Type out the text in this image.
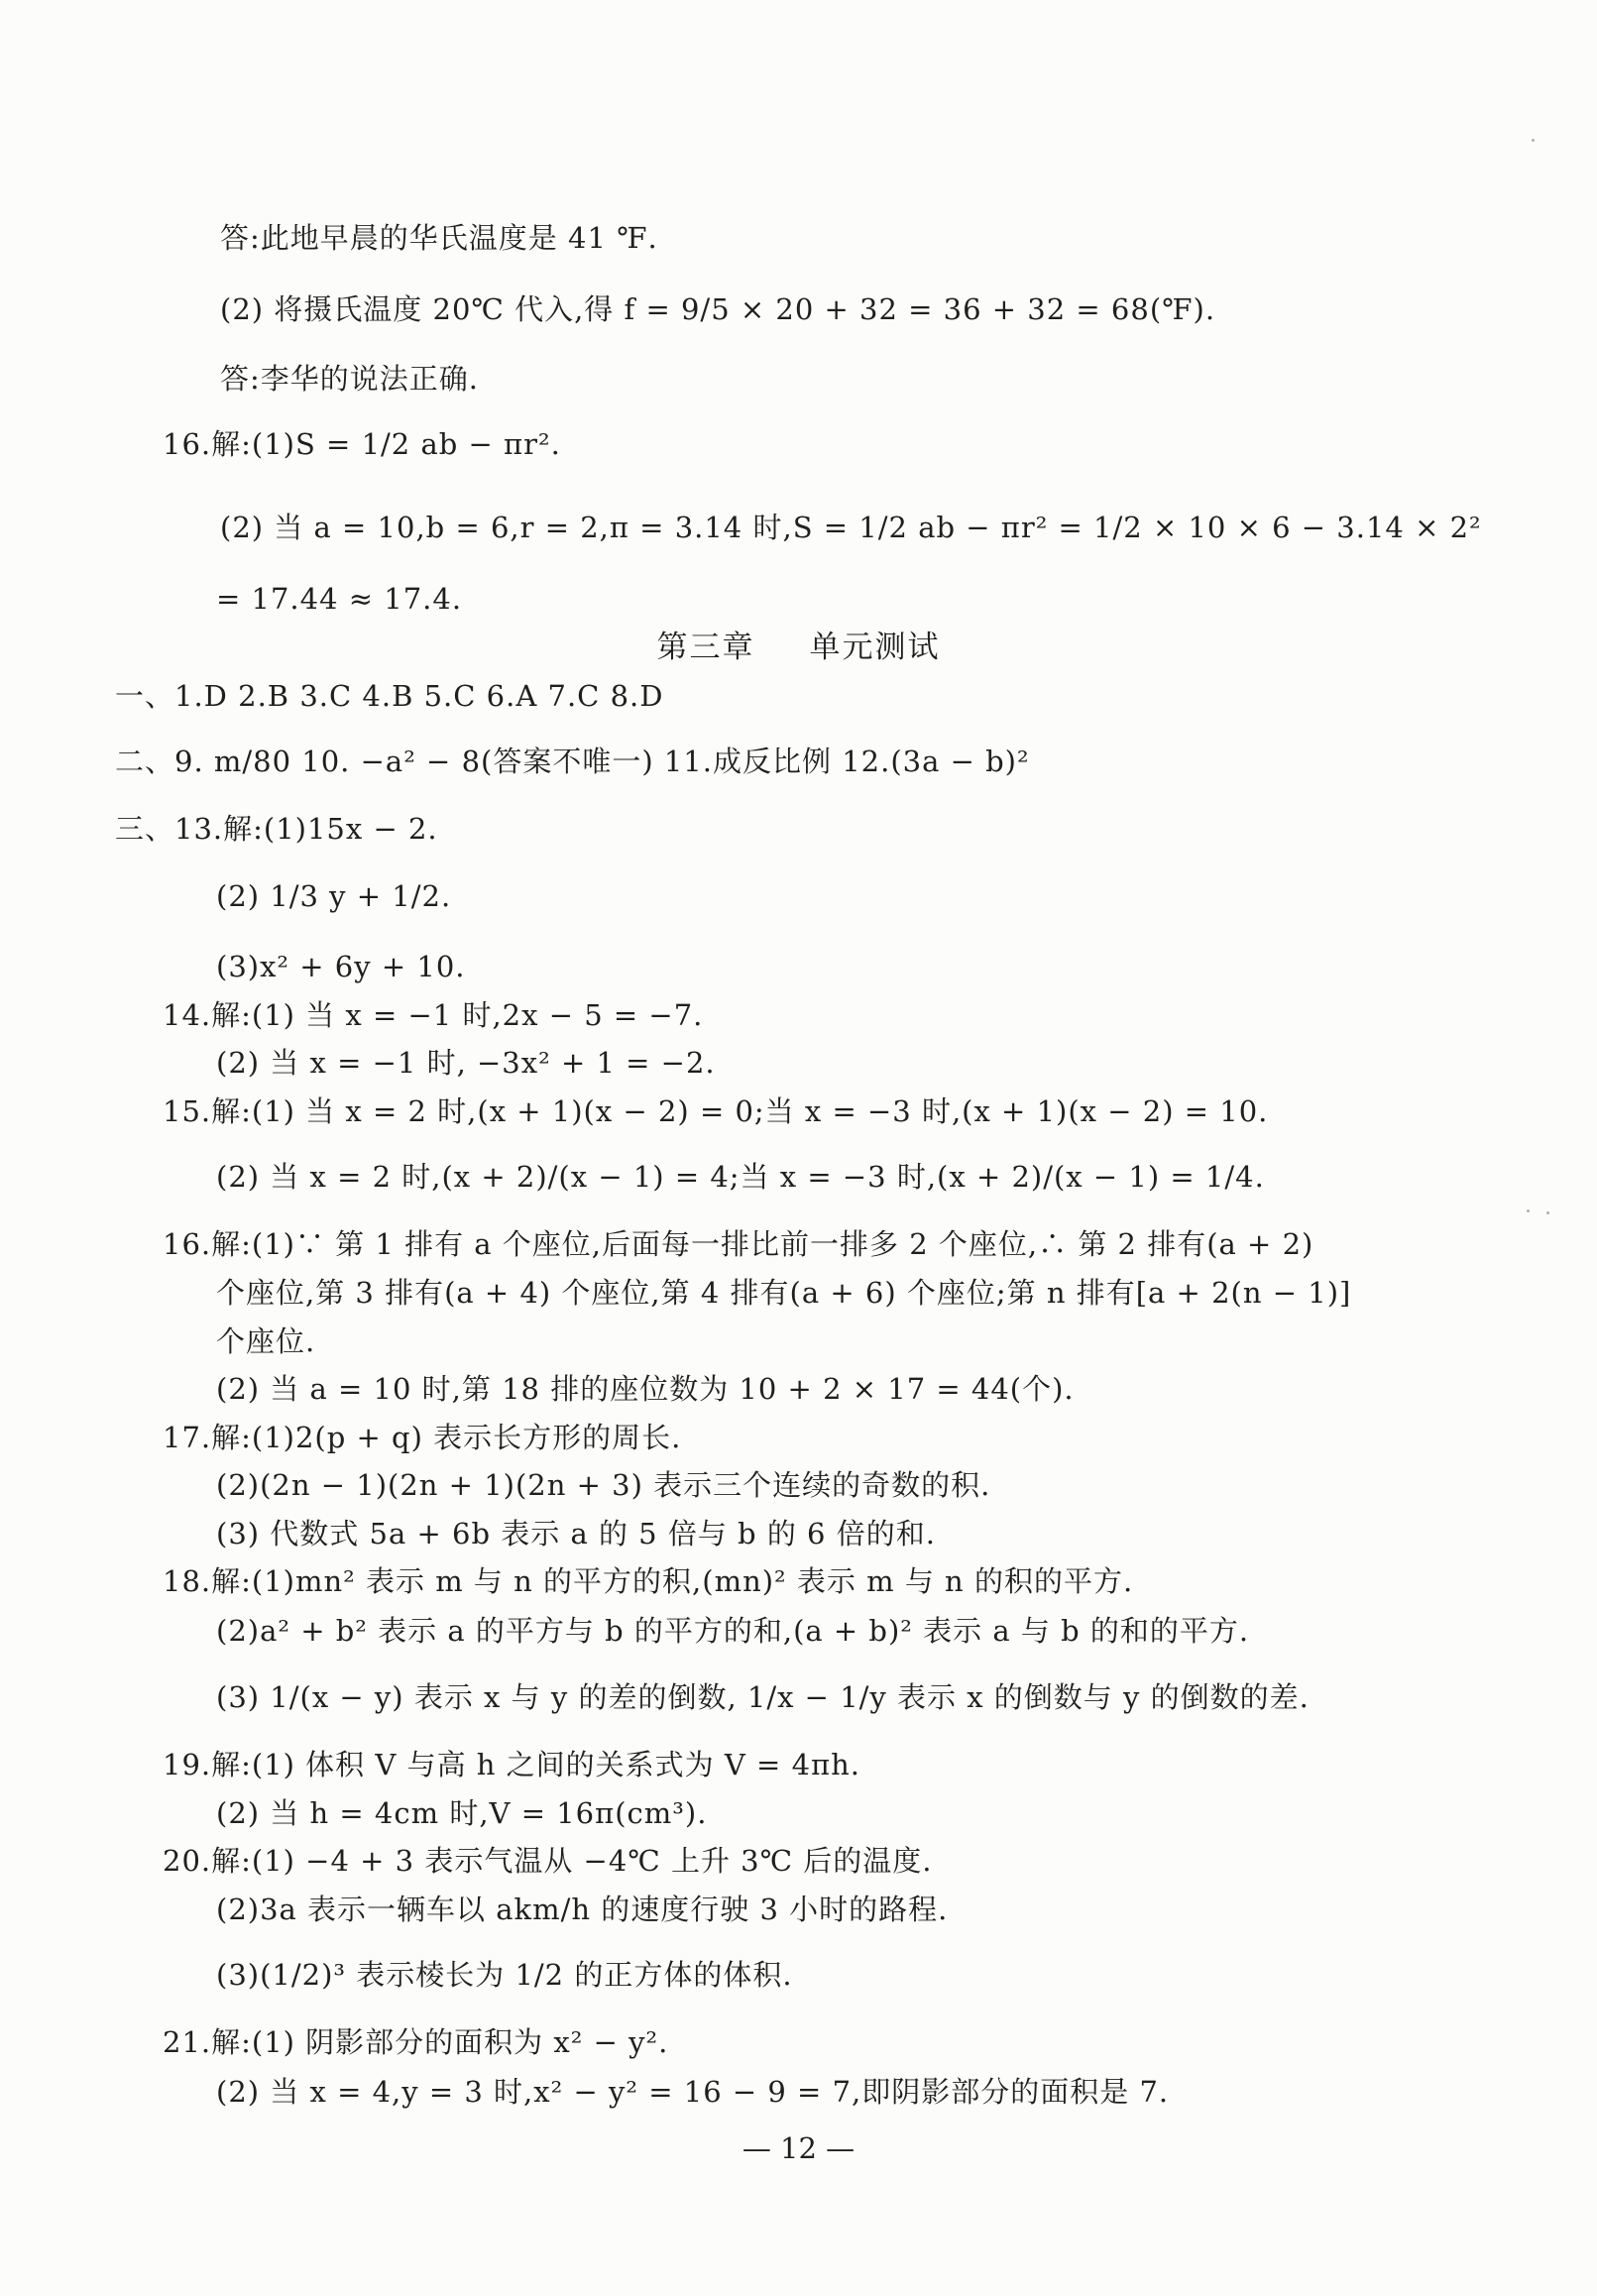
答:此地早晨的华氏温度是 41 ℉.
(2) 将摄氏温度 20℃ 代入,得 f = 9/5 × 20 + 32 = 36 + 32 = 68(℉).
答:李华的说法正确.
16.解:(1)S = 1/2 ab − πr².
(2) 当 a = 10,b = 6,r = 2,π = 3.14 时,S = 1/2 ab − πr² = 1/2 × 10 × 6 − 3.14 × 2²
= 17.44 ≈ 17.4.
第三章 单元测试
一、1.D 2.B 3.C 4.B 5.C 6.A 7.C 8.D
二、9. m/80 10. −a² − 8(答案不唯一) 11.成反比例 12.(3a − b)²
三、13.解:(1)15x − 2.
(2) 1/3 y + 1/2.
(3)x² + 6y + 10.
14.解:(1) 当 x = −1 时,2x − 5 = −7.
(2) 当 x = −1 时, −3x² + 1 = −2.
15.解:(1) 当 x = 2 时,(x + 1)(x − 2) = 0;当 x = −3 时,(x + 1)(x − 2) = 10.
(2) 当 x = 2 时,(x + 2)/(x − 1) = 4;当 x = −3 时,(x + 2)/(x − 1) = 1/4.
16.解:(1)∵ 第 1 排有 a 个座位,后面每一排比前一排多 2 个座位,∴ 第 2 排有(a + 2)
个座位,第 3 排有(a + 4) 个座位,第 4 排有(a + 6) 个座位;第 n 排有[a + 2(n − 1)]
个座位.
(2) 当 a = 10 时,第 18 排的座位数为 10 + 2 × 17 = 44(个).
17.解:(1)2(p + q) 表示长方形的周长.
(2)(2n − 1)(2n + 1)(2n + 3) 表示三个连续的奇数的积.
(3) 代数式 5a + 6b 表示 a 的 5 倍与 b 的 6 倍的和.
18.解:(1)mn² 表示 m 与 n 的平方的积,(mn)² 表示 m 与 n 的积的平方.
(2)a² + b² 表示 a 的平方与 b 的平方的和,(a + b)² 表示 a 与 b 的和的平方.
(3) 1/(x − y) 表示 x 与 y 的差的倒数, 1/x − 1/y 表示 x 的倒数与 y 的倒数的差.
19.解:(1) 体积 V 与高 h 之间的关系式为 V = 4πh.
(2) 当 h = 4cm 时,V = 16π(cm³).
20.解:(1) −4 + 3 表示气温从 −4℃ 上升 3℃ 后的温度.
(2)3a 表示一辆车以 akm/h 的速度行驶 3 小时的路程.
(3)(1/2)³ 表示棱长为 1/2 的正方体的体积.
21.解:(1) 阴影部分的面积为 x² − y².
(2) 当 x = 4,y = 3 时,x² − y² = 16 − 9 = 7,即阴影部分的面积是 7.
— 12 —
